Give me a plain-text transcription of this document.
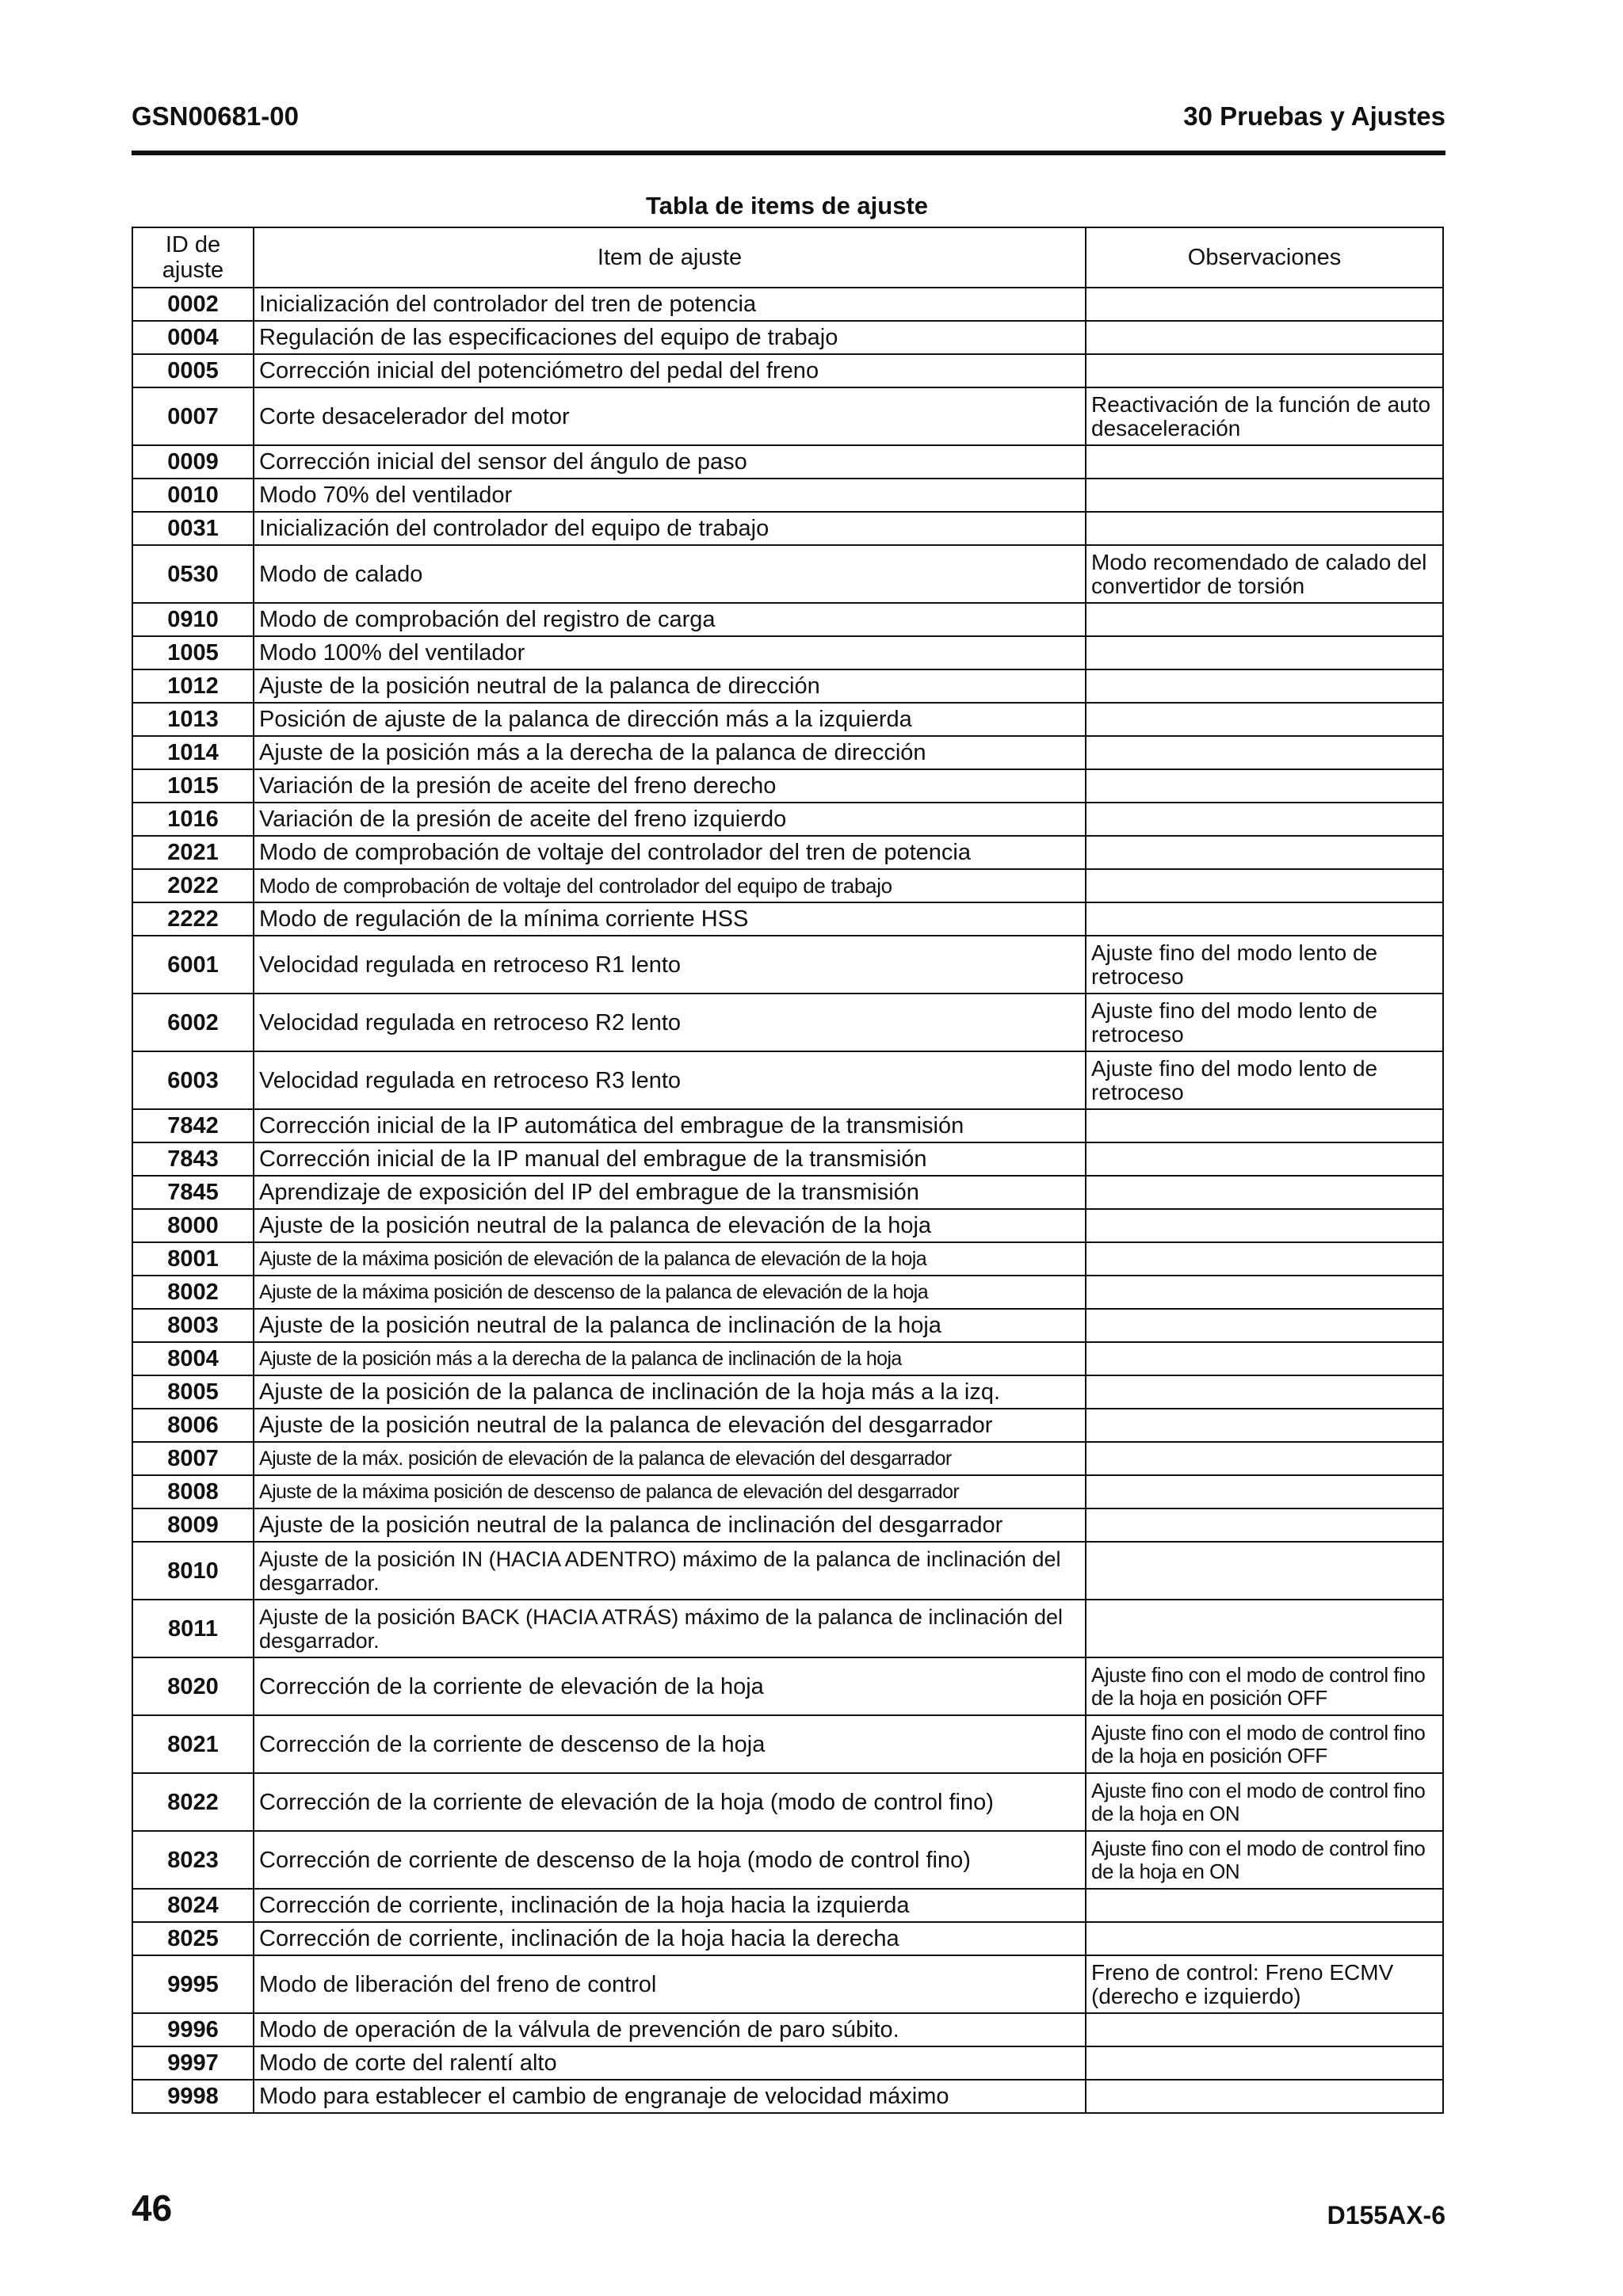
GSN00681-00	30 Pruebas y Ajustes
Tabla de items de ajuste
ID de ajuste	Item de ajuste	Observaciones
0002	Inicialización del controlador del tren de potencia	
0004	Regulación de las especificaciones del equipo de trabajo	
0005	Corrección inicial del potenciómetro del pedal del freno	
0007	Corte desacelerador del motor	Reactivación de la función de auto desaceleración
0009	Corrección inicial del sensor del ángulo de paso	
0010	Modo 70% del ventilador	
0031	Inicialización del controlador del equipo de trabajo	
0530	Modo de calado	Modo recomendado de calado del convertidor de torsión
0910	Modo de comprobación del registro de carga	
1005	Modo 100% del ventilador	
1012	Ajuste de la posición neutral de la palanca de dirección	
1013	Posición de ajuste de la palanca de dirección más a la izquierda	
1014	Ajuste de la posición más a la derecha de la palanca de dirección	
1015	Variación de la presión de aceite del freno derecho	
1016	Variación de la presión de aceite del freno izquierdo	
2021	Modo de comprobación de voltaje del controlador del tren de potencia	
2022	Modo de comprobación de voltaje del controlador del equipo de trabajo	
2222	Modo de regulación de la mínima corriente HSS	
6001	Velocidad regulada en retroceso R1 lento	Ajuste fino del modo lento de retroceso
6002	Velocidad regulada en retroceso R2 lento	Ajuste fino del modo lento de retroceso
6003	Velocidad regulada en retroceso R3 lento	Ajuste fino del modo lento de retroceso
7842	Corrección inicial de la IP automática del embrague de la transmisión	
7843	Corrección inicial de la IP manual del embrague de la transmisión	
7845	Aprendizaje de exposición del IP del embrague de la transmisión	
8000	Ajuste de la posición neutral de la palanca de elevación de la hoja	
8001	Ajuste de la máxima posición de elevación de la palanca de elevación de la hoja	
8002	Ajuste de la máxima posición de descenso de la palanca de elevación de la hoja	
8003	Ajuste de la posición neutral de la palanca de inclinación de la hoja	
8004	Ajuste de la posición más a la derecha de la palanca de inclinación de la hoja	
8005	Ajuste de la posición de la palanca de inclinación de la hoja más a la izq.	
8006	Ajuste de la posición neutral de la palanca de elevación del desgarrador	
8007	Ajuste de la máx. posición de elevación de la palanca de elevación del desgarrador	
8008	Ajuste de la máxima posición de descenso de palanca de elevación del desgarrador	
8009	Ajuste de la posición neutral de la palanca de inclinación del desgarrador	
8010	Ajuste de la posición IN (HACIA ADENTRO) máximo de la palanca de inclinación del desgarrador.	
8011	Ajuste de la posición BACK (HACIA ATRÁS) máximo de la palanca de inclinación del desgarrador.	
8020	Corrección de la corriente de elevación de la hoja	Ajuste fino con el modo de control fino de la hoja en posición OFF
8021	Corrección de la corriente de descenso de la hoja	Ajuste fino con el modo de control fino de la hoja en posición OFF
8022	Corrección de la corriente de elevación de la hoja (modo de control fino)	Ajuste fino con el modo de control fino de la hoja en ON
8023	Corrección de corriente de descenso de la hoja (modo de control fino)	Ajuste fino con el modo de control fino de la hoja en ON
8024	Corrección de corriente, inclinación de la hoja hacia la izquierda	
8025	Corrección de corriente, inclinación de la hoja hacia la derecha	
9995	Modo de liberación del freno de control	Freno de control: Freno ECMV (derecho e izquierdo)
9996	Modo de operación de la válvula de prevención de paro súbito.	
9997	Modo de corte del ralentí alto	
9998	Modo para establecer el cambio de engranaje de velocidad máximo	
46	D155AX-6
